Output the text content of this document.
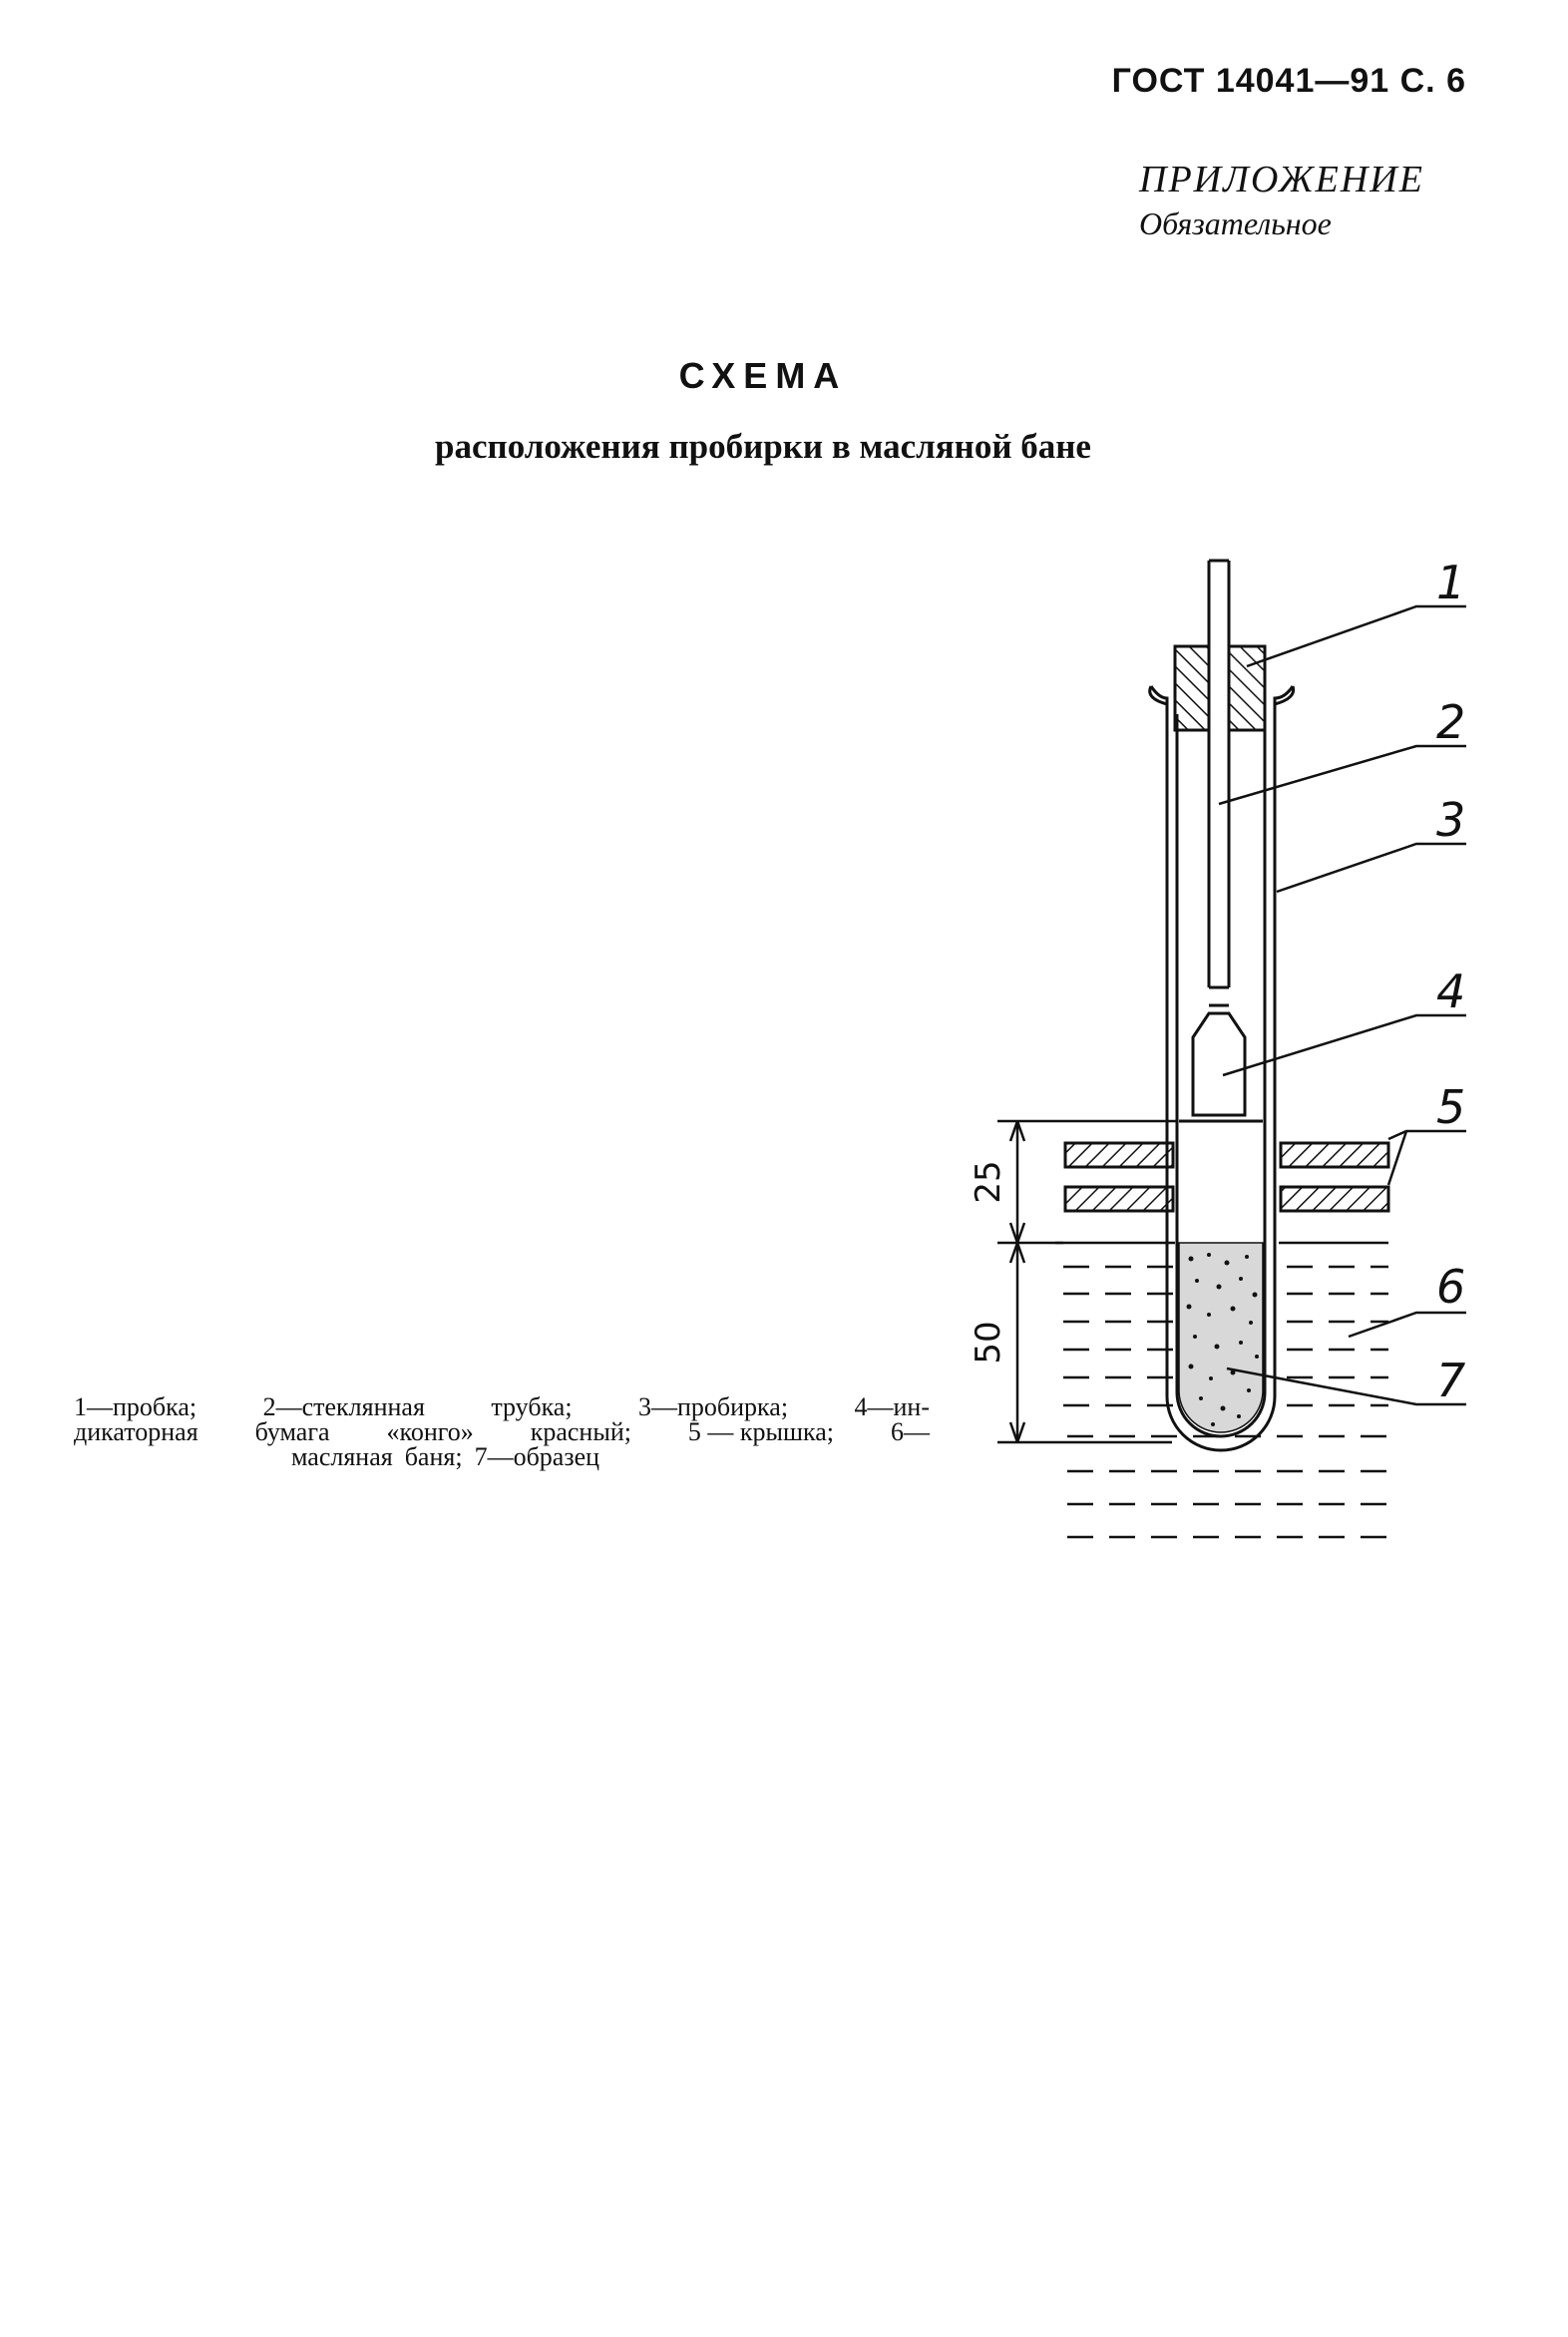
ГОСТ 14041—91 С. 6
ПРИЛОЖЕНИЕ
Обязательное
СХЕМА
расположения пробирки в масляной бане
25
50
1
2
3
4
5
6
7
1—пробка;	2—стеклянная	трубка;	3—пробирка;	4—ин-
дикаторная бумага «конго» красный; 5 — крышка; 6—
масляная баня; 7—образец
